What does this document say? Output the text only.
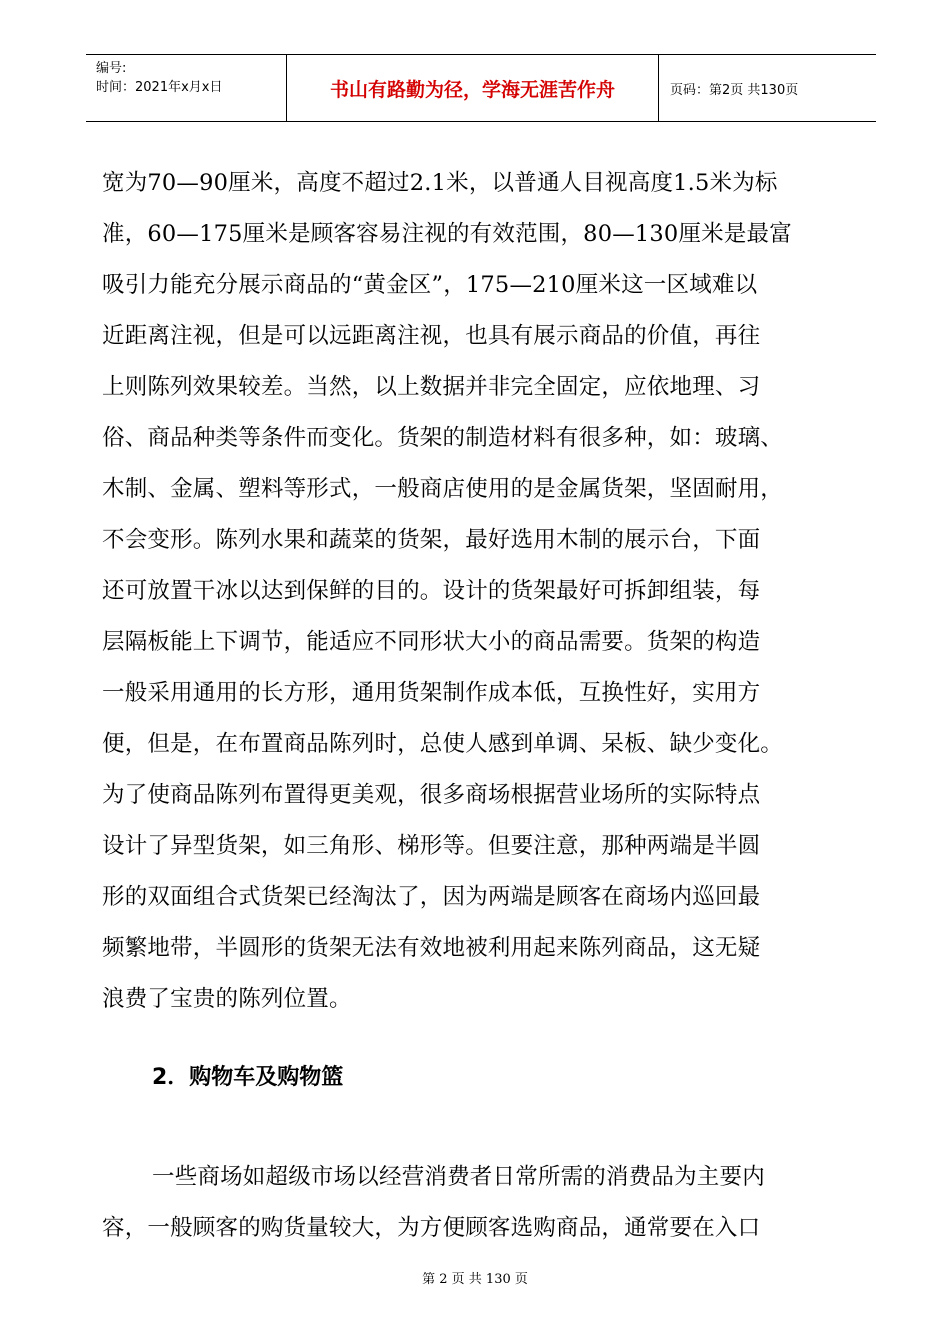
编号:
时间：2021年x月x日	书山有路勤为径，学海无涯苦作舟	页码：第2页 共130页

宽为70—90厘米，高度不超过2.1米，以普通人目视高度1.5米为标
准，60—175厘米是顾客容易注视的有效范围，80—130厘米是最富
吸引力能充分展示商品的“黄金区”，175—210厘米这一区域难以
近距离注视，但是可以远距离注视，也具有展示商品的价值，再往
上则陈列效果较差。当然，以上数据并非完全固定，应依地理、习
俗、商品种类等条件而变化。货架的制造材料有很多种，如：玻璃、
木制、金属、塑料等形式，一般商店使用的是金属货架，坚固耐用，
不会变形。陈列水果和蔬菜的货架，最好选用木制的展示台，下面
还可放置干冰以达到保鲜的目的。设计的货架最好可拆卸组装，每
层隔板能上下调节，能适应不同形状大小的商品需要。货架的构造
一般采用通用的长方形，通用货架制作成本低，互换性好，实用方
便，但是，在布置商品陈列时，总使人感到单调、呆板、缺少变化。
为了使商品陈列布置得更美观，很多商场根据营业场所的实际特点
设计了异型货架，如三角形、梯形等。但要注意，那种两端是半圆
形的双面组合式货架已经淘汰了，因为两端是顾客在商场内巡回最
频繁地带，半圆形的货架无法有效地被利用起来陈列商品，这无疑
浪费了宝贵的陈列位置。

2．购物车及购物篮

一些商场如超级市场以经营消费者日常所需的消费品为主要内
容，一般顾客的购货量较大，为方便顾客选购商品，通常要在入口

第 2 页 共 130 页
